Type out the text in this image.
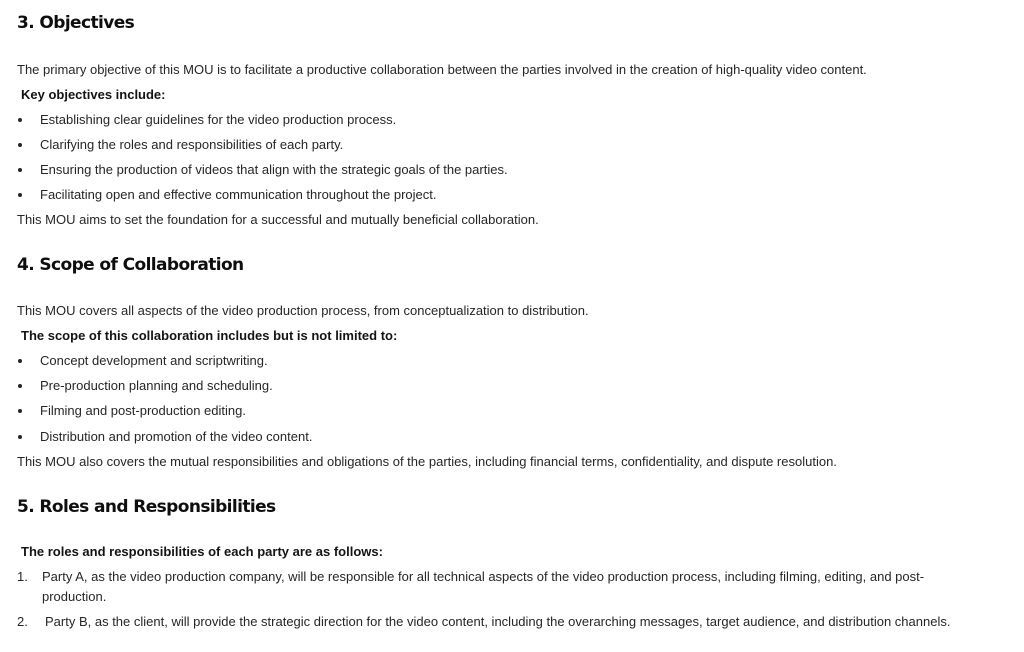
3. Objectives
The primary objective of this MOU is to facilitate a productive collaboration between the parties involved in the creation of high-quality video content.
Key objectives include:
Establishing clear guidelines for the video production process.
Clarifying the roles and responsibilities of each party.
Ensuring the production of videos that align with the strategic goals of the parties.
Facilitating open and effective communication throughout the project.
This MOU aims to set the foundation for a successful and mutually beneficial collaboration.
4. Scope of Collaboration
This MOU covers all aspects of the video production process, from conceptualization to distribution.
The scope of this collaboration includes but is not limited to:
Concept development and scriptwriting.
Pre-production planning and scheduling.
Filming and post-production editing.
Distribution and promotion of the video content.
This MOU also covers the mutual responsibilities and obligations of the parties, including financial terms, confidentiality, and dispute resolution.
5. Roles and Responsibilities
The roles and responsibilities of each party are as follows:
1. Party A, as the video production company, will be responsible for all technical aspects of the video production process, including filming, editing, and post-production.
2. Party B, as the client, will provide the strategic direction for the video content, including the overarching messages, target audience, and distribution channels.
